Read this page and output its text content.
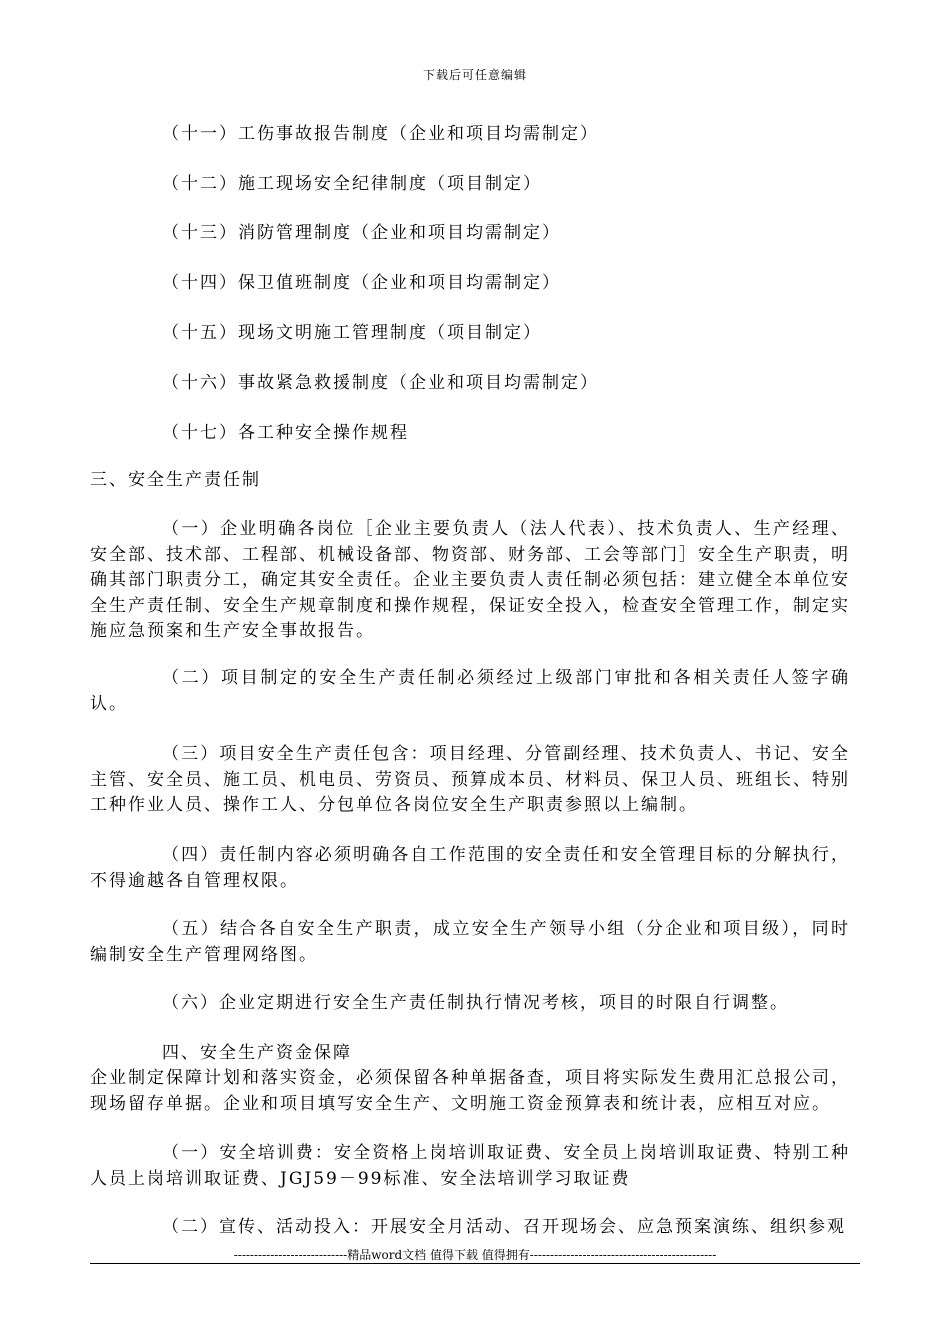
下载后可任意编辑
（十一）工伤事故报告制度（企业和项目均需制定）
（十二）施工现场安全纪律制度（项目制定）
（十三）消防管理制度（企业和项目均需制定）
（十四）保卫值班制度（企业和项目均需制定）
（十五）现场文明施工管理制度（项目制定）
（十六）事故紧急救援制度（企业和项目均需制定）
（十七）各工种安全操作规程
三、安全生产责任制
（一）企业明确各岗位［企业主要负责人（法人代表）、技术负责人、生产经理、安全部、技术部、工程部、机械设备部、物资部、财务部、工会等部门］安全生产职责，明确其部门职责分工，确定其安全责任。企业主要负责人责任制必须包括：建立健全本单位安全生产责任制、安全生产规章制度和操作规程，保证安全投入，检查安全管理工作，制定实施应急预案和生产安全事故报告。
（二）项目制定的安全生产责任制必须经过上级部门审批和各相关责任人签字确认。
（三）项目安全生产责任包含：项目经理、分管副经理、技术负责人、书记、安全主管、安全员、施工员、机电员、劳资员、预算成本员、材料员、保卫人员、班组长、特别工种作业人员、操作工人、分包单位各岗位安全生产职责参照以上编制。
（四）责任制内容必须明确各自工作范围的安全责任和安全管理目标的分解执行，不得逾越各自管理权限。
（五）结合各自安全生产职责，成立安全生产领导小组（分企业和项目级），同时编制安全生产管理网络图。
（六）企业定期进行安全生产责任制执行情况考核，项目的时限自行调整。
四、安全生产资金保障
企业制定保障计划和落实资金，必须保留各种单据备查，项目将实际发生费用汇总报公司，现场留存单据。企业和项目填写安全生产、文明施工资金预算表和统计表，应相互对应。
（一）安全培训费：安全资格上岗培训取证费、安全员上岗培训取证费、特别工种人员上岗培训取证费、JGJ59－99标准、安全法培训学习取证费
（二）宣传、活动投入：开展安全月活动、召开现场会、应急预案演练、组织参观
----------------------------精品word文档 值得下载 值得拥有----------------------------------------------
